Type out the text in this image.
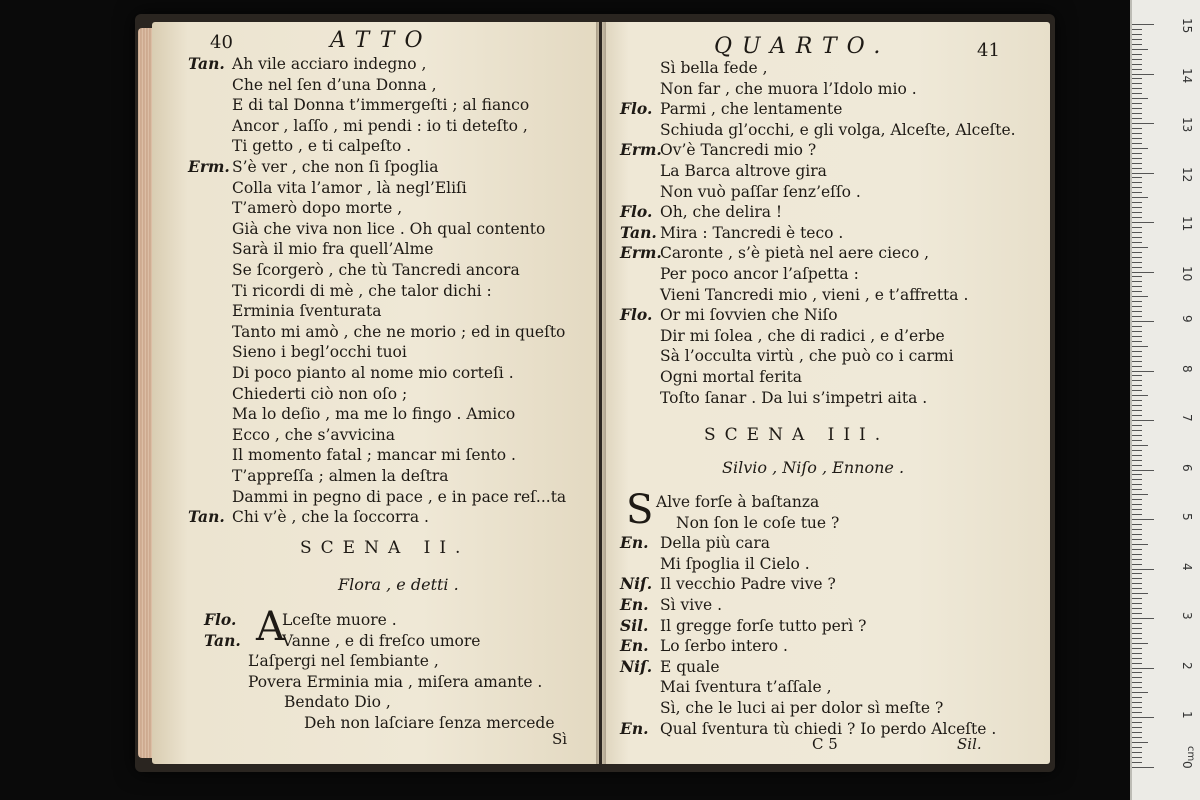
40	ATTO
Tan. Ah vile acciaro indegno ,
Che nel ſen d’una Donna ,
E di tal Donna t’immergeſti ; al fianco
Ancor , laſſo , mi pendi : io ti deteſto ,
Ti getto , e ti calpeſto .
Erm. S’è ver , che non ſi ſpoglia
Colla vita l’amor , là negl’Eliſi
T’amerò dopo morte ,
Già che viva non lice . Oh qual contento
Sarà il mio fra quell’Alme
Se ſcorgerò , che tù Tancredi ancora
Ti ricordi di mè , che talor dichi :
Erminia ſventurata
Tanto mi amò , che ne morio ; ed in queſto
Sieno i begl’occhi tuoi
Di poco pianto al nome mio corteſi .
Chiederti ciò non oſo ;
Ma lo deſio , ma me lo fingo . Amico
Ecco , che s’avvicina
Il momento fatal ; mancar mi ſento .
T’appreſſa ; almen la deſtra
Dammi in pegno di pace , e in pace reſ...ta
Tan. Chi v’è , che la ſoccorra .
SCENA II.
Flora , e detti .
A
Flo.	Lceſte muore .
Tan.	Vanne , e di freſco umore
L’aſpergi nel ſembiante ,
Povera Erminia mia , miſera amante .
Bendato Dio ,
Deh non laſciare ſenza mercede
Sì
QUARTO.	41
Sì bella fede ,
Non far , che muora l’Idolo mio .
Flo. Parmi , che lentamente
Schiuda gl’occhi, e gli volga, Alceſte, Alceſte.
Erm.
Ov’è Tancredi mio ?
La Barca altrove gira
Non vuò paſſar ſenz’eſſo .
Flo. Oh, che delira !
Tan. Mira : Tancredi è teco .
Erm.
Caronte , s’è pietà nel aere cieco ,
Per poco ancor l’aſpetta :
Vieni Tancredi mio , vieni , e t’affretta .
Flo. Or mi ſovvien che Niſo
Dir mi ſolea , che di radici , e d’erbe
Sà l’occulta virtù , che può co i carmi
Ogni mortal ferita
Toſto ſanar . Da lui s’impetri aita .
SCENA III.
Silvio , Niſo , Ennone .
S Alve forſe à baſtanza
Non ſon le coſe tue ?
En. Della più cara
Mi ſpoglia il Cielo .
Niſ. Il vecchio Padre vive ?
En. Sì vive .
Sil. Il gregge forſe tutto perì ?
En. Lo ſerbo intero .
Niſ. E quale
Mai ſventura t’aſſale ,
Sì, che le luci ai per dolor sì meſte ?
En. Qual ſventura tù chiedi ? Io perdo Alceſte .
C 5	Sil.
15
14
13
12
11
10
9
8
7
6
5
4
3
2
1
0
cm
